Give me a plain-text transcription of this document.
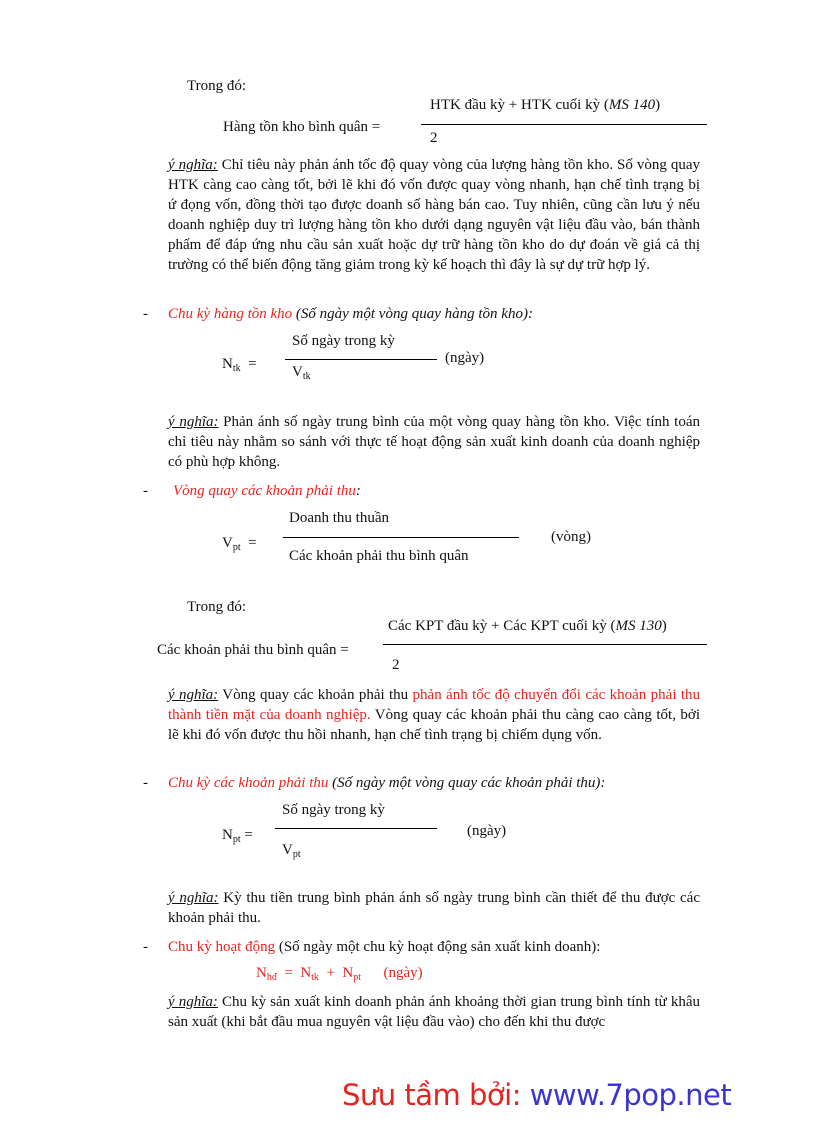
Trong đó:
HTK đầu kỳ + HTK cuối kỳ (MS 140)
Hàng tồn kho bình quân =
2
ý nghĩa: Chỉ tiêu này phản ánh tốc độ quay vòng của lượng hàng tồn kho. Số vòng quay HTK càng cao càng tốt, bởi lẽ khi đó vốn được quay vòng nhanh, hạn chế tình trạng bị ứ đọng vốn, đồng thời tạo được doanh số hàng bán cao. Tuy nhiên, cũng cần lưu ý nếu doanh nghiệp duy trì lượng hàng tồn kho dưới dạng nguyên vật liệu đầu vào, bán thành phẩm để đáp ứng nhu cầu sản xuất hoặc dự trữ hàng tồn kho do dự đoán về giá cả thị trường có thể biến động tăng giảm trong kỳ kế hoạch thì đây là sự dự trữ hợp lý.
- Chu kỳ hàng tồn kho (Số ngày một vòng quay hàng tồn kho):
Số ngày trong kỳ
$N_{tk}$ =	(ngày)
$V_{tk}$
ý nghĩa: Phản ánh số ngày trung bình của một vòng quay hàng tồn kho. Việc tính toán chỉ tiêu này nhằm so sánh với thực tế hoạt động sản xuất kinh doanh của doanh nghiệp có phù hợp không.
- Vòng quay các khoản phải thu:
Doanh thu thuần
$V_{pt}$ =	(vòng)
Các khoản phải thu bình quân
Trong đó:
Các KPT đầu kỳ + Các KPT cuối kỳ (MS 130)
Các khoản phải thu bình quân =
2
ý nghĩa: Vòng quay các khoản phải thu phản ánh tốc độ chuyển đổi các khoản phải thu thành tiền mặt của doanh nghiệp. Vòng quay các khoản phải thu càng cao càng tốt, bởi lẽ khi đó vốn được thu hồi nhanh, hạn chế tình trạng bị chiếm dụng vốn.
- Chu kỳ các khoản phải thu (Số ngày một vòng quay các khoản phải thu):
Số ngày trong kỳ
$N_{pt}$ =	(ngày)
$V_{pt}$
ý nghĩa: Kỳ thu tiền trung bình phản ánh số ngày trung bình cần thiết để thu được các khoản phải thu.
- Chu kỳ hoạt động (Số ngày một chu kỳ hoạt động sản xuất kinh doanh):
$N_{hđ} = N_{tk} + N_{pt}$      (ngày)
ý nghĩa: Chu kỳ sản xuất kinh doanh phản ánh khoảng thời gian trung bình tính từ khâu sản xuất (khi bắt đầu mua nguyên vật liệu đầu vào) cho đến khi thu được
Sưu tầm bởi: www.7pop.net
